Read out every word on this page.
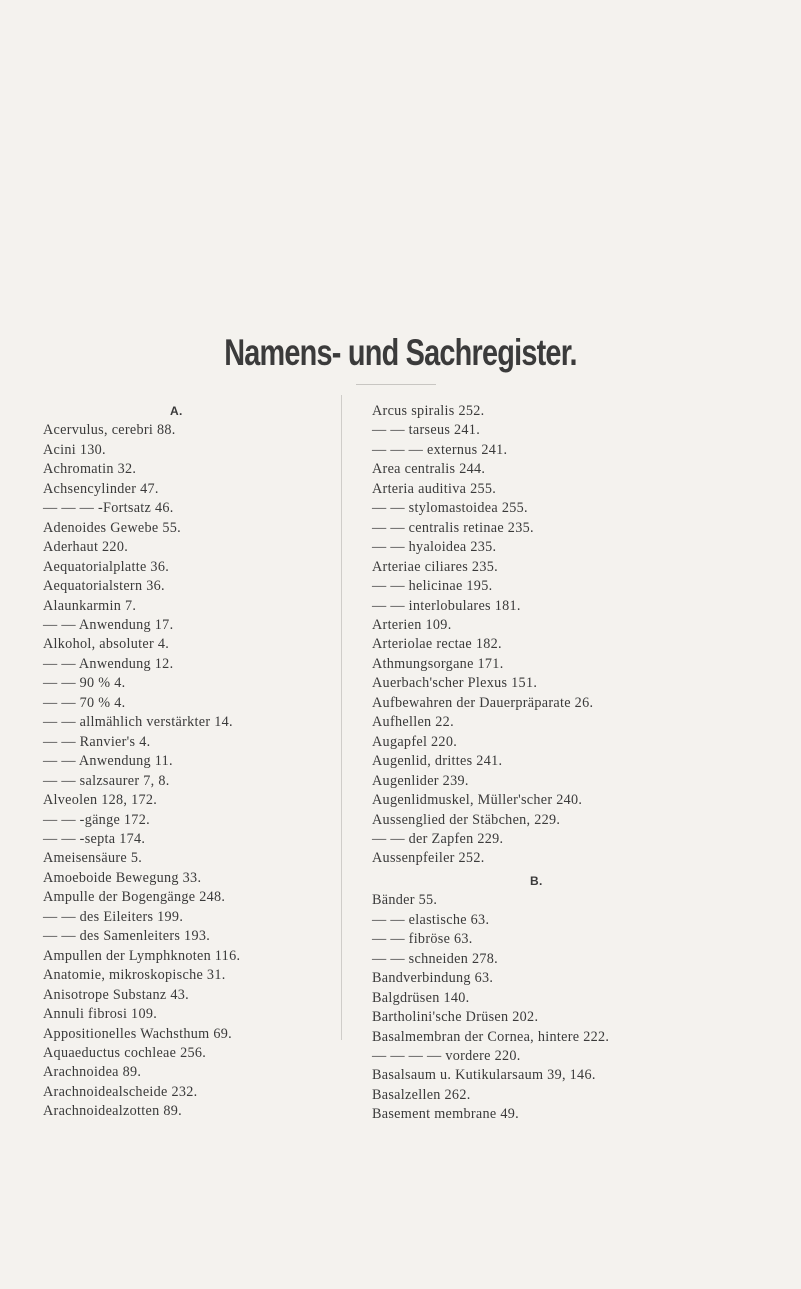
Namens- und Sachregister.
A.
Acervulus, cerebri 88.
Acini 130.
Achromatin 32.
Achsencylinder 47.
— — — -Fortsatz 46.
Adenoides Gewebe 55.
Aderhaut 220.
Aequatorialplatte 36.
Aequatorialstern 36.
Alaunkarmin 7.
— — Anwendung 17.
Alkohol, absoluter 4.
— — Anwendung 12.
— — 90 % 4.
— — 70 % 4.
— — allmählich verstärkter 14.
— — Ranvier's 4.
— — Anwendung 11.
— — salzsaurer 7, 8.
Alveolen 128, 172.
— — -gänge 172.
— — -septa 174.
Ameisensäure 5.
Amoeboide Bewegung 33.
Ampulle der Bogengänge 248.
— — des Eileiters 199.
— — des Samenleiters 193.
Ampullen der Lymphknoten 116.
Anatomie, mikroskopische 31.
Anisotrope Substanz 43.
Annuli fibrosi 109.
Appositionelles Wachsthum 69.
Aquaeductus cochleae 256.
Arachnoidea 89.
Arachnoidealscheide 232.
Arachnoidealzotten 89.
Arcus spiralis 252.
— — tarseus 241.
— — — externus 241.
Area centralis 244.
Arteria auditiva 255.
— — stylomastoidea 255.
— — centralis retinae 235.
— — hyaloidea 235.
Arteriae ciliares 235.
— — helicinae 195.
— — interlobulares 181.
Arterien 109.
Arteriolae rectae 182.
Athmungsorgane 171.
Auerbach'scher Plexus 151.
Aufbewahren der Dauerpräparate 26.
Aufhellen 22.
Augapfel 220.
Augenlid, drittes 241.
Augenlider 239.
Augenlidmuskel, Müller'scher 240.
Aussenglied der Stäbchen, 229.
— — der Zapfen 229.
Aussenpfeiler 252.
B.
Bänder 55.
— — elastische 63.
— — fibröse 63.
— — schneiden 278.
Bandverbindung 63.
Balgdrüsen 140.
Bartholini'sche Drüsen 202.
Basalmembran der Cornea, hintere 222.
— — — — vordere 220.
Basalsaum u. Kutikularsaum 39, 146.
Basalzellen 262.
Basement membrane 49.
